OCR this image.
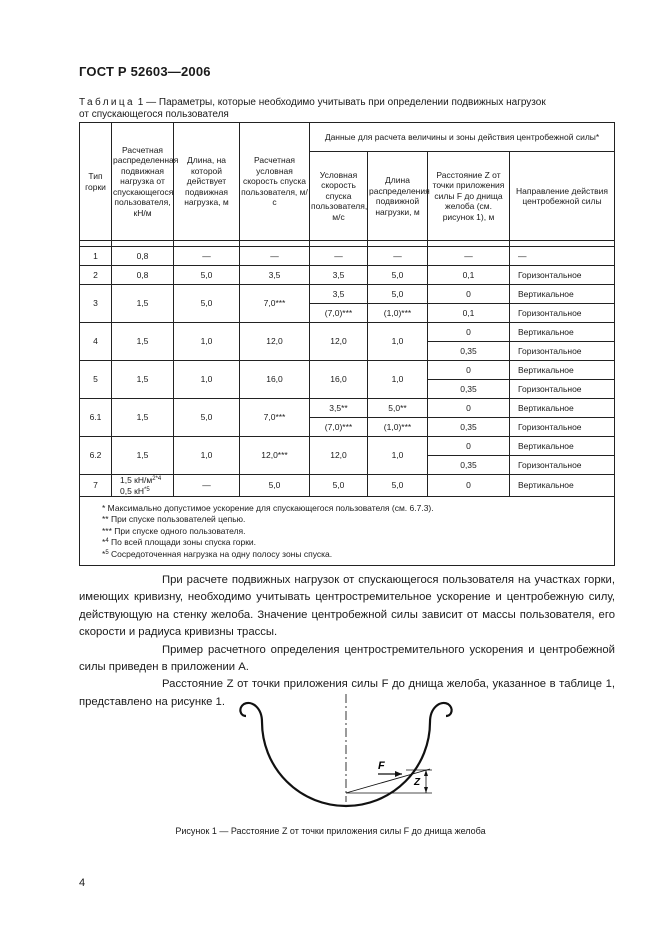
ГОСТ Р 52603—2006
Таблица 1 — Параметры, которые необходимо учитывать при определении подвижных нагрузок
от спускающегося пользователя
Тип горки	Расчетная распределенная подвижная нагрузка от спускающегося пользователя, кН/м	Длина, на которой действует подвижная нагрузка, м	Расчетная условная скорость спуска пользователя, м/с	Данные для расчета величины и зоны действия центробежной силы*			
				Условная скорость спуска пользователя, м/с	Длина распределения подвижной нагрузки, м	Расстояние Z от точки приложения силы F до днища желоба (см. рисунок 1), м	Направление действия центробежной силы

1	0,8	—	—	—	—	—	—
2	0,8	5,0	3,5	3,5	5,0	0,1	Горизонтальное
3	1,5	5,0	7,0***	3,5	5,0	0	Вертикальное
				(7,0)***	(1,0)***	0,1	Горизонтальное
4	1,5	1,0	12,0	12,0	1,0	0	Вертикальное
						0,35	Горизонтальное
5	1,5	1,0	16,0	16,0	1,0	0	Вертикальное
						0,35	Горизонтальное
6.1	1,5	5,0	7,0***	3,5**	5,0**	0	Вертикальное
				(7,0)***	(1,0)***	0,35	Горизонтальное
6.2	1,5	1,0	12,0***	12,0	1,0	0	Вертикальное
						0,35	Горизонтальное
7	1,5 $кН/м^{2*4}$
0,5 $кН^{*5}$	—	5,0	5,0	5,0	0	Вертикальное

* Максимально допустимое ускорение для спускающегося пользователя (см. 6.7.3).
** При спуске пользователей цепью.
*** При спуске одного пользователя.
*$^4$ По всей площади зоны спуска горки.
*$^5$ Сосредоточенная нагрузка на одну полосу зоны спуска.							

При расчете подвижных нагрузок от спускающегося пользователя на участках горки, имеющих кривизну, необходимо учитывать центростремительное ускорение и центробежную силу, действующую на стенку желоба. Значение центробежной силы зависит от массы пользователя, его скорости и радиуса кривизны трассы.

Пример расчетного определения центростремительного ускорения и центробежной силы приведен в приложении А.

Расстояние Z от точки приложения силы F до днища желоба, указанное в таблице 1, представлено на рисунке 1.

F
Z
Рисунок 1 — Расстояние Z от точки приложения силы F до днища желоба
4
